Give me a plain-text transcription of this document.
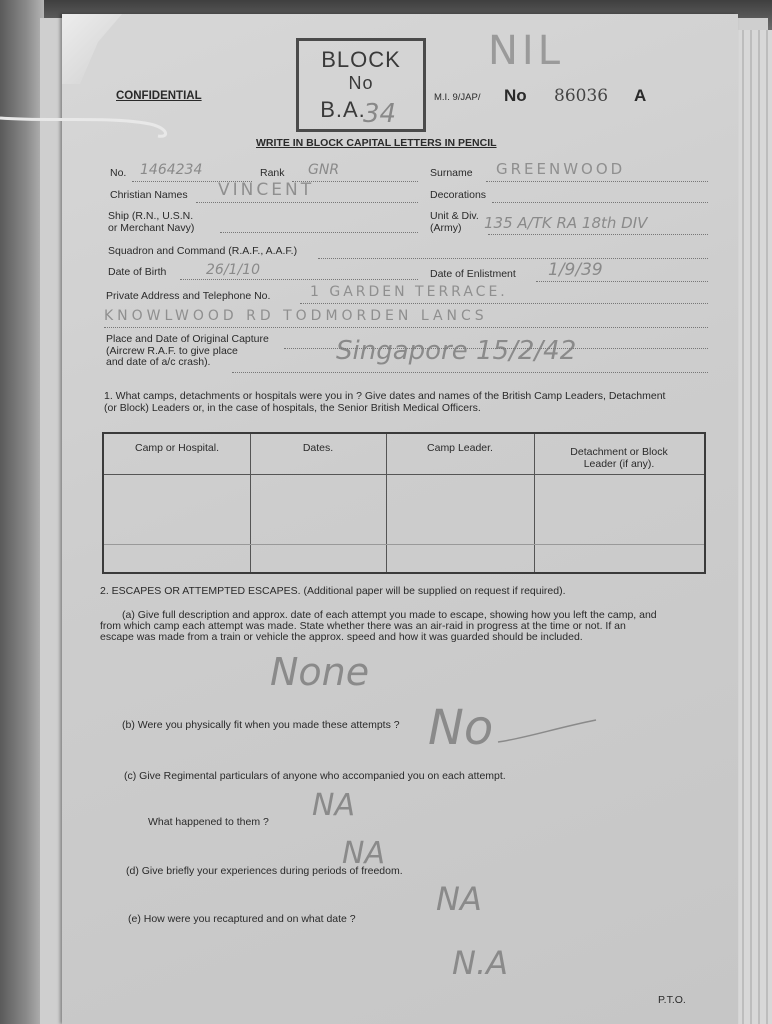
BLOCK
No
B.A.
34
NIL
CONFIDENTIAL	M.I. 9/JAP/ No 86036 A
WRITE IN BLOCK CAPITAL LETTERS IN PENCIL
No. 1464234	Rank GNR	Surname GREENWOOD
Christian Names VINCENT	Decorations
Ship (R.N., U.S.N.
or Merchant Navy)
Unit & Div.
(Army)	135 A/TK RA 18th DIV
Squadron and Command (R.A.F., A.A.F.)
Date of Birth	26/1/10	Date of Enlistment 1/9/39
Private Address and Telephone No.	1 GARDEN TERRACE.
KNOWLWOOD RD TODMORDEN LANCS
Place and Date of Original Capture
(Aircrew R.A.F. to give place
and date of a/c crash).	Singapore 15/2/42
1. What camps, detachments or hospitals were you in ? Give dates and names of the British Camp Leaders, Detachment
(or Block) Leaders or, in the case of hospitals, the Senior British Medical Officers.
Camp or Hospital.	Dates.	Camp Leader.	Detachment or Block
Leader (if any).
2. ESCAPES OR ATTEMPTED ESCAPES. (Additional paper will be supplied on request if required).
(a) Give full description and approx. date of each attempt you made to escape, showing how you left the camp, and
from which camp each attempt was made. State whether there was an air-raid in progress at the time or not. If an
escape was made from a train or vehicle the approx. speed and how it was guarded should be included.
None
(b) Were you physically fit when you made these attempts ? No
(c) Give Regimental particulars of anyone who accompanied you on each attempt.
NA
What happened to them ?
NA
(d) Give briefly your experiences during periods of freedom.
NA
(e) How were you recaptured and on what date ?
N.A
P.T.O.
